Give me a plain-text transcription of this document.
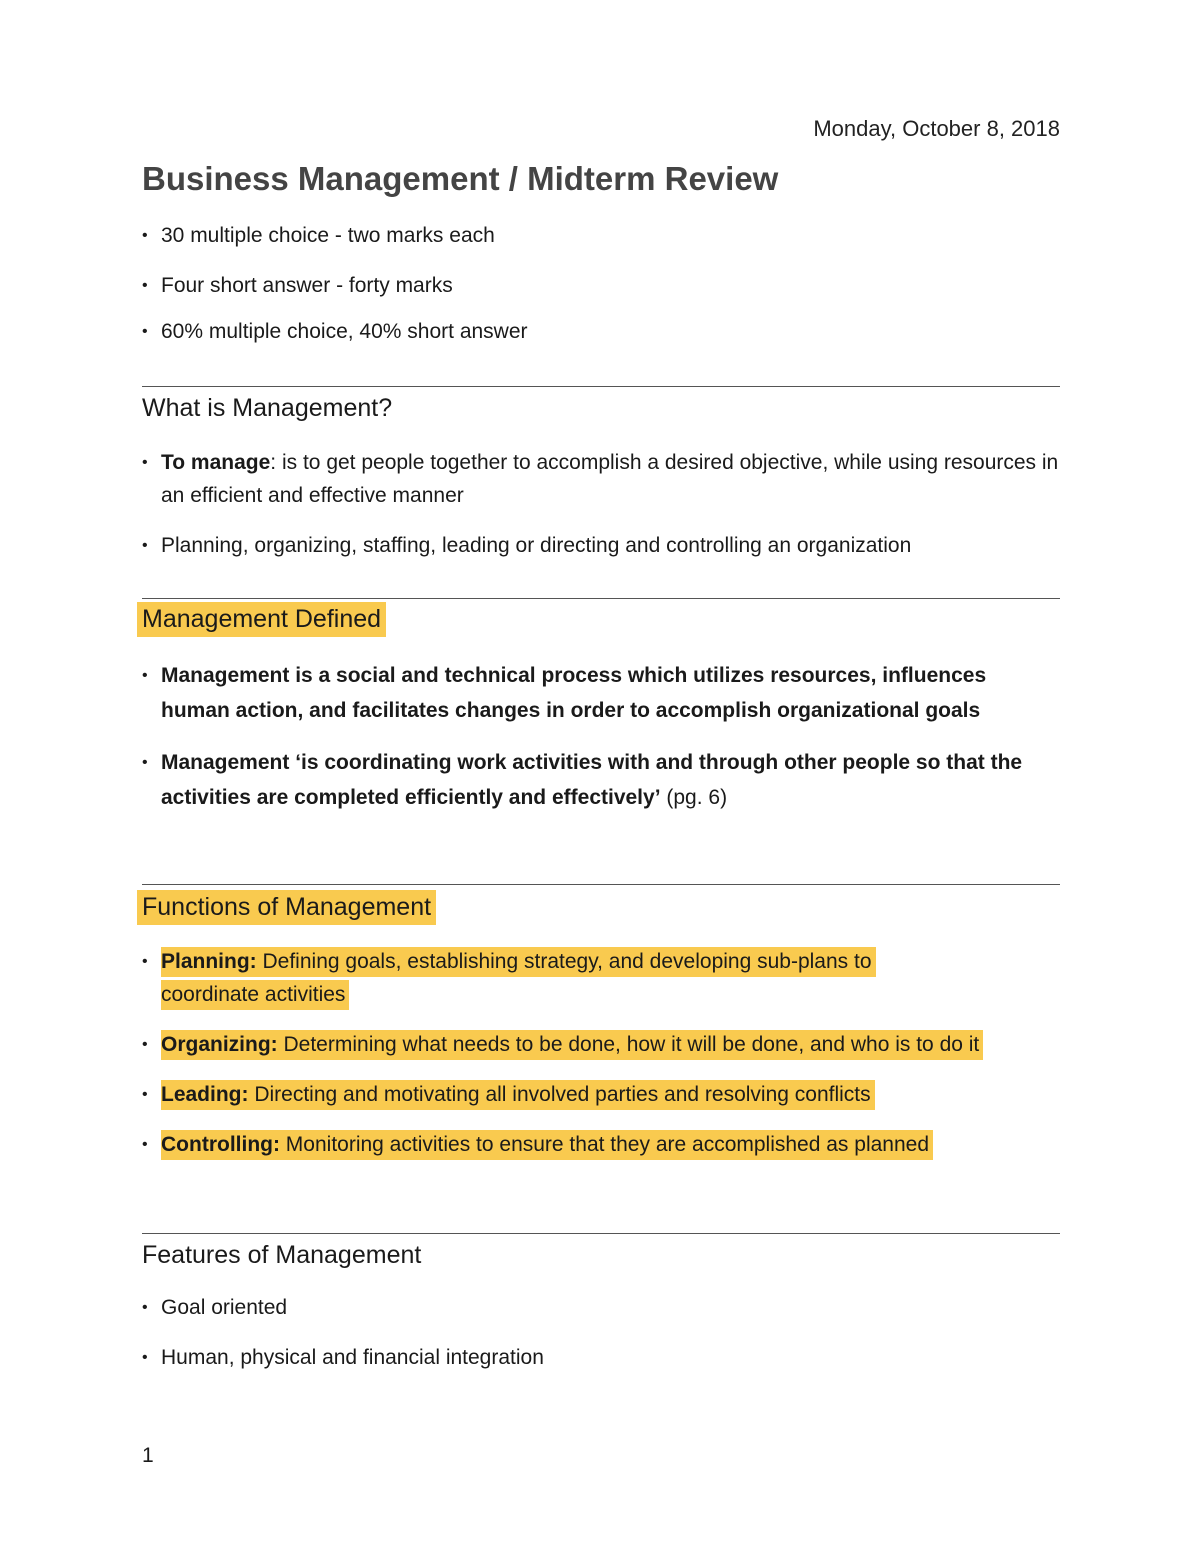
Monday, October 8, 2018
Business Management / Midterm Review
• 30 multiple choice - two marks each
• Four short answer - forty marks
• 60% multiple choice, 40% short answer
What is Management?
• To manage: is to get people together to accomplish a desired objective, while using resources in an efficient and effective manner
• Planning, organizing, staffing, leading or directing and controlling an organization
Management Defined
• Management is a social and technical process which utilizes resources, influences human action, and facilitates changes in order to accomplish organizational goals
• Management ‘is coordinating work activities with and through other people so that the activities are completed efficiently and effectively’ (pg. 6)
Functions of Management
• Planning: Defining goals, establishing strategy, and developing sub-plans to coordinate activities
• Organizing: Determining what needs to be done, how it will be done, and who is to do it
• Leading: Directing and motivating all involved parties and resolving conflicts
• Controlling: Monitoring activities to ensure that they are accomplished as planned
Features of Management
• Goal oriented
• Human, physical and financial integration
1
